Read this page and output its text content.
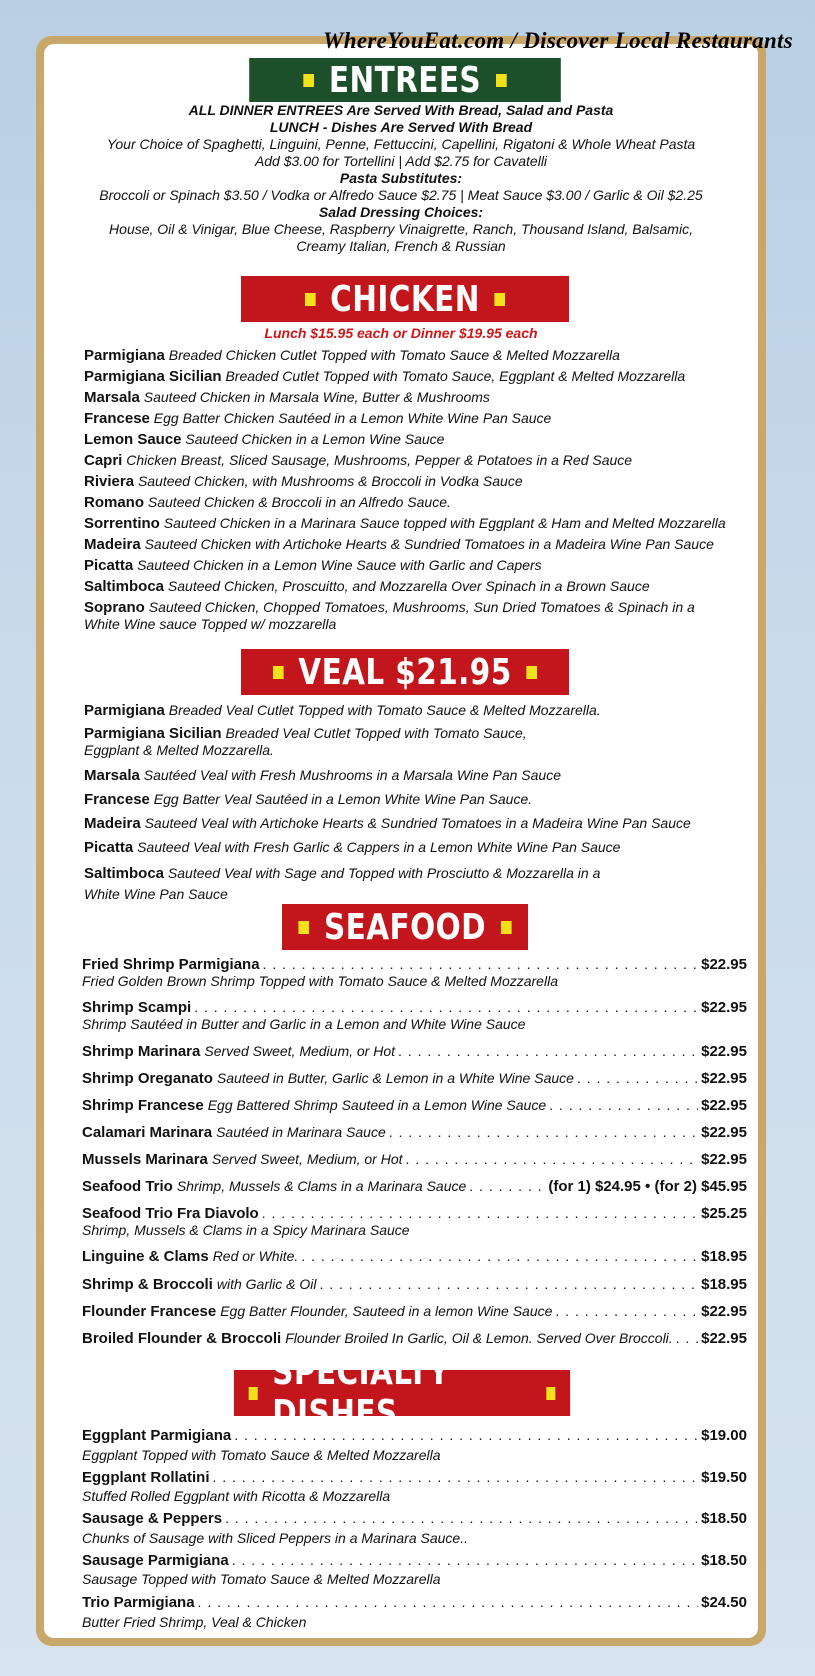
WhereYouEat.com / Discover Local Restaurants
ENTREES
ALL DINNER ENTREES Are Served With Bread, Salad and Pasta
LUNCH - Dishes Are Served With Bread
Your Choice of Spaghetti, Linguini, Penne, Fettuccini, Capellini, Rigatoni & Whole Wheat Pasta
Add $3.00 for Tortellini | Add $2.75 for Cavatelli
Pasta Substitutes:
Broccoli or Spinach $3.50 / Vodka or Alfredo Sauce $2.75 | Meat Sauce $3.00 / Garlic & Oil $2.25
Salad Dressing Choices:
House, Oil & Vinigar, Blue Cheese, Raspberry Vinaigrette, Ranch, Thousand Island, Balsamic,
Creamy Italian, French & Russian
CHICKEN
Lunch $15.95 each or Dinner $19.95 each
Parmigiana Breaded Chicken Cutlet Topped with Tomato Sauce & Melted Mozzarella
Parmigiana Sicilian Breaded Cutlet Topped with Tomato Sauce, Eggplant & Melted Mozzarella
Marsala Sauteed Chicken in Marsala Wine, Butter & Mushrooms
Francese Egg Batter Chicken Sautéed in a Lemon White Wine Pan Sauce
Lemon Sauce Sauteed Chicken in a Lemon Wine Sauce
Capri Chicken Breast, Sliced Sausage, Mushrooms, Pepper & Potatoes in a Red Sauce
Riviera Sauteed Chicken, with Mushrooms & Broccoli in Vodka Sauce
Romano Sauteed Chicken & Broccoli in an Alfredo Sauce.
Sorrentino Sauteed Chicken in a Marinara Sauce topped with Eggplant & Ham and Melted Mozzarella
Madeira Sauteed Chicken with Artichoke Hearts & Sundried Tomatoes in a Madeira Wine Pan Sauce
Picatta Sauteed Chicken in a Lemon Wine Sauce with Garlic and Capers
Saltimboca Sauteed Chicken, Proscuitto, and Mozzarella Over Spinach in a Brown Sauce
Soprano Sauteed Chicken, Chopped Tomatoes, Mushrooms, Sun Dried Tomatoes & Spinach in a White Wine sauce Topped w/ mozzarella
VEAL $21.95
Parmigiana Breaded Veal Cutlet Topped with Tomato Sauce & Melted Mozzarella.
Parmigiana Sicilian Breaded Veal Cutlet Topped with Tomato Sauce, Eggplant & Melted Mozzarella.
Marsala Sautéed Veal with Fresh Mushrooms in a Marsala Wine Pan Sauce
Francese Egg Batter Veal Sautéed in a Lemon White Wine Pan Sauce.
Madeira Sauteed Veal with Artichoke Hearts & Sundried Tomatoes in a Madeira Wine Pan Sauce
Picatta Sauteed Veal with Fresh Garlic & Cappers in a Lemon White Wine Pan Sauce
Saltimboca Sauteed Veal with Sage and Topped with Prosciutto & Mozzarella in a White Wine Pan Sauce
SEAFOOD
Fried Shrimp Parmigiana . . .	$22.95
Fried Golden Brown Shrimp Topped with Tomato Sauce & Melted Mozzarella
Shrimp Scampi . . .	$22.95
Shrimp Sautéed in Butter and Garlic in a Lemon and White Wine Sauce
Shrimp Marinara Served Sweet, Medium, or Hot . . .	$22.95
Shrimp Oreganato Sauteed in Butter, Garlic & Lemon in a White Wine Sauce . . .	$22.95
Shrimp Francese Egg Battered Shrimp Sauteed in a Lemon Wine Sauce . . .	$22.95
Calamari Marinara Sautéed in Marinara Sauce . . .	$22.95
Mussels Marinara Served Sweet, Medium, or Hot . . .	$22.95
Seafood Trio Shrimp, Mussels & Clams in a Marinara Sauce . . .	(for 1) $24.95 • (for 2) $45.95
Seafood Trio Fra Diavolo . . .	$25.25
Shrimp, Mussels & Clams in a Spicy Marinara Sauce
Linguine & Clams Red or White. . . .	$18.95
Shrimp & Broccoli with Garlic & Oil . . .	$18.95
Flounder Francese Egg Batter Flounder, Sauteed in a lemon Wine Sauce . . .	$22.95
Broiled Flounder & Broccoli Flounder Broiled In Garlic, Oil & Lemon. Served Over Broccoli. . . . $22.95
SPECIALTY DISHES
Eggplant Parmigiana . . .	$19.00
Eggplant Topped with Tomato Sauce & Melted Mozzarella
Eggplant Rollatini . . .	$19.50
Stuffed Rolled Eggplant with Ricotta & Mozzarella
Sausage & Peppers . . .	$18.50
Chunks of Sausage with Sliced Peppers in a Marinara Sauce..
Sausage Parmigiana . . .	$18.50
Sausage Topped with Tomato Sauce & Melted Mozzarella
Trio Parmigiana . . .	$24.50
Butter Fried Shrimp, Veal & Chicken
